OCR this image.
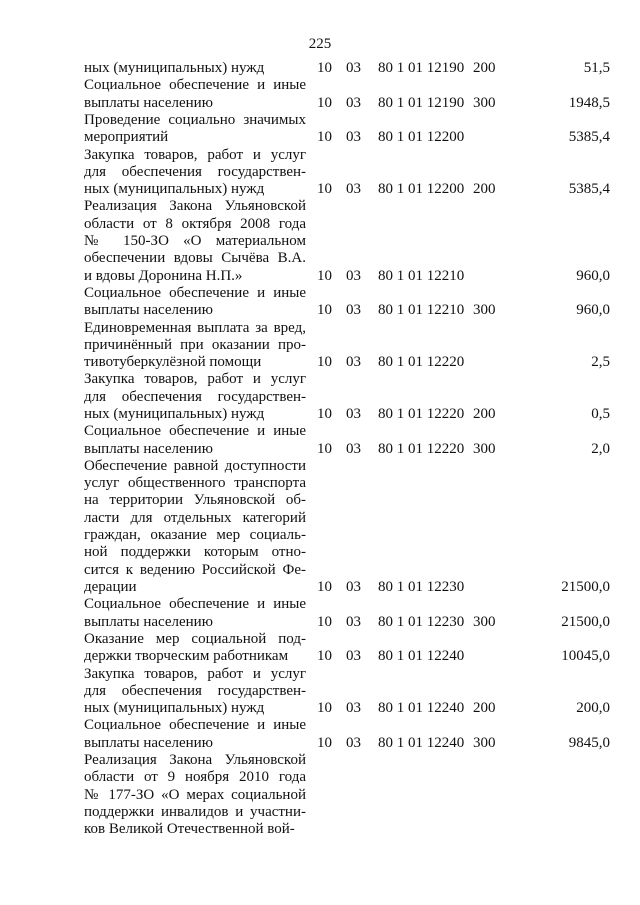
225
ных (муниципальных) нужд	10 03 80 1 01 12190 200	51,5
Социальное обеспечение и иные
выплаты населению	10 03 80 1 01 12190 300	1948,5
Проведение социально значимых
мероприятий	10 03 80 1 01 12200	5385,4
Закупка товаров, работ и услуг
для обеспечения государствен-
ных (муниципальных) нужд	10 03 80 1 01 12200 200	5385,4
Реализация Закона Ульяновской
области от 8 октября 2008 года
№ 150-ЗО «О материальном
обеспечении вдовы Сычёва В.А.
и вдовы Доронина Н.П.»	10 03 80 1 01 12210	960,0
Социальное обеспечение и иные
выплаты населению	10 03 80 1 01 12210 300	960,0
Единовременная выплата за вред,
причинённый при оказании про-
тивотуберкулёзной помощи	10 03 80 1 01 12220	2,5
Закупка товаров, работ и услуг
для обеспечения государствен-
ных (муниципальных) нужд	10 03 80 1 01 12220 200	0,5
Социальное обеспечение и иные
выплаты населению	10 03 80 1 01 12220 300	2,0
Обеспечение равной доступности
услуг общественного транспорта
на территории Ульяновской об-
ласти для отдельных категорий
граждан, оказание мер социаль-
ной поддержки которым отно-
сится к ведению Российской Фе-
дерации	10 03 80 1 01 12230	21500,0
Социальное обеспечение и иные
выплаты населению	10 03 80 1 01 12230 300	21500,0
Оказание мер социальной под-
держки творческим работникам	10 03 80 1 01 12240	10045,0
Закупка товаров, работ и услуг
для обеспечения государствен-
ных (муниципальных) нужд	10 03 80 1 01 12240 200	200,0
Социальное обеспечение и иные
выплаты населению	10 03 80 1 01 12240 300	9845,0
Реализация Закона Ульяновской
области от 9 ноября 2010 года
№ 177-ЗО «О мерах социальной
поддержки инвалидов и участни-
ков Великой Отечественной вой-
